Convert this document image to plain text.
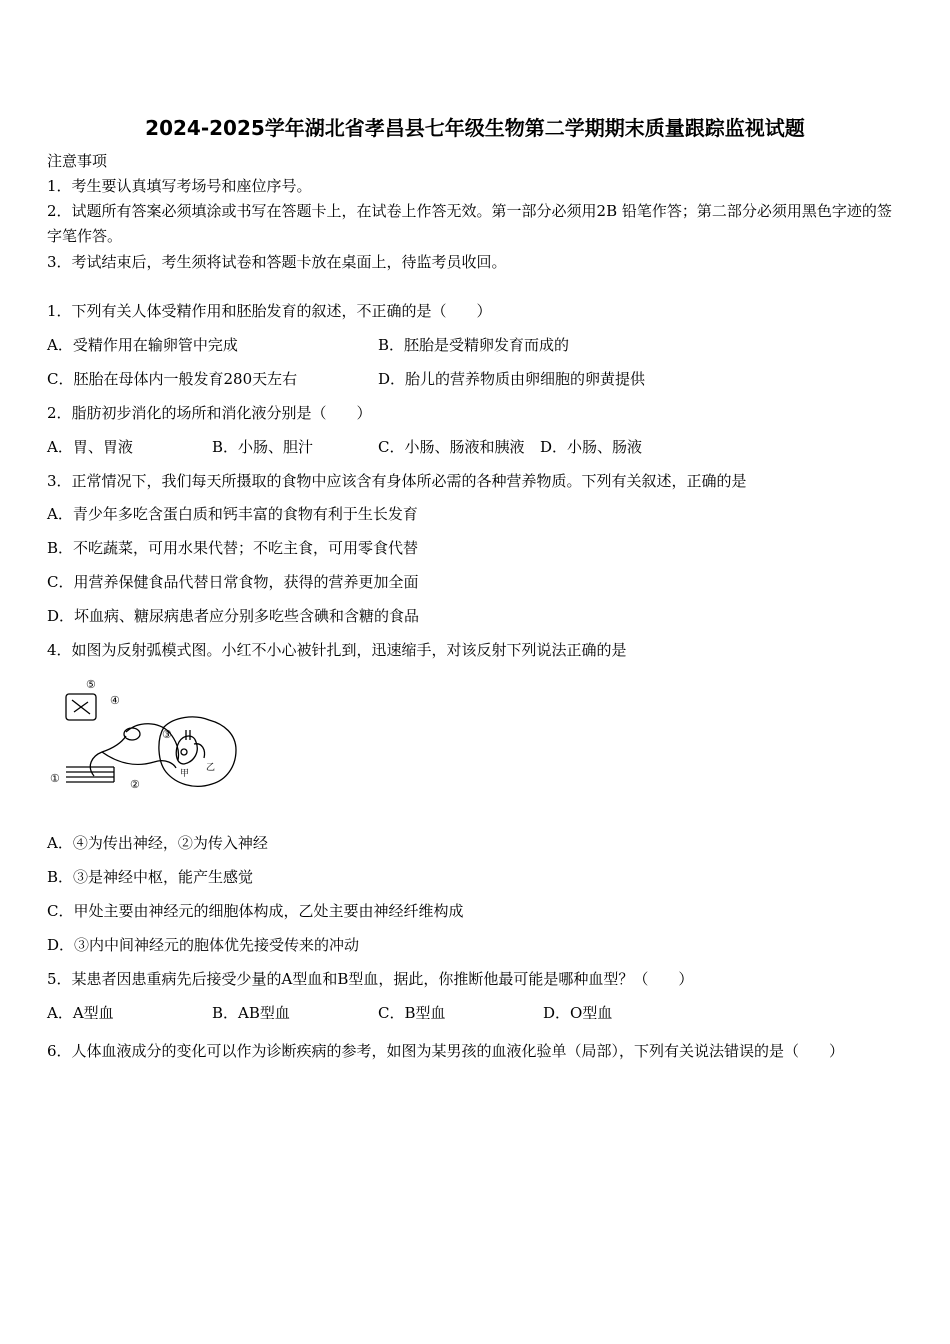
2024-2025学年湖北省孝昌县七年级生物第二学期期末质量跟踪监视试题
注意事项
1．考生要认真填写考场号和座位序号。
2．试题所有答案必须填涂或书写在答题卡上，在试卷上作答无效。第一部分必须用2B 铅笔作答；第二部分必须用黑色字迹的签字笔作答。
3．考试结束后，考生须将试卷和答题卡放在桌面上，待监考员收回。
1．下列有关人体受精作用和胚胎发育的叙述，不正确的是（　　）
A．受精作用在输卵管中完成	B．胚胎是受精卵发育而成的
C．胚胎在母体内一般发育280天左右	D．胎儿的营养物质由卵细胞的卵黄提供
2．脂肪初步消化的场所和消化液分别是（　　）
A．胃、胃液	B．小肠、胆汁	C．小肠、肠液和胰液 D．小肠、肠液
3．正常情况下，我们每天所摄取的食物中应该含有身体所必需的各种营养物质。下列有关叙述，正确的是
A．青少年多吃含蛋白质和钙丰富的食物有利于生长发育
B．不吃蔬菜，可用水果代替；不吃主食，可用零食代替
C．用营养保健食品代替日常食物，获得的营养更加全面
D．坏血病、糖尿病患者应分别多吃些含碘和含糖的食品
4．如图为反射弧模式图。小红不小心被针扎到，迅速缩手，对该反射下列说法正确的是
⑤
④
③
①	②
甲
乙
A．④为传出神经，②为传入神经
B．③是神经中枢，能产生感觉
C．甲处主要由神经元的细胞体构成，乙处主要由神经纤维构成
D．③内中间神经元的胞体优先接受传来的冲动
5．某患者因患重病先后接受少量的A型血和B型血，据此，你推断他最可能是哪种血型？（　　）
A．A型血	B．AB型血	C．B型血	D．O型血
6．人体血液成分的变化可以作为诊断疾病的参考，如图为某男孩的血液化验单（局部），下列有关说法错误的是（　　）
